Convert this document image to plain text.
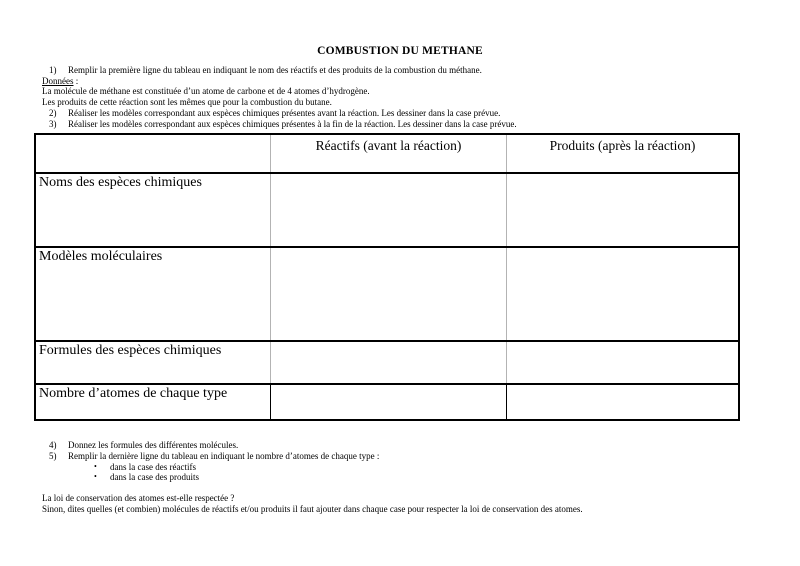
COMBUSTION DU METHANE
1) Remplir la première ligne du tableau en indiquant le nom des réactifs et des produits de la combustion du méthane.
Données :
La molécule de méthane est constituée d’un atome de carbone et de 4 atomes d’hydrogène.
Les produits de cette réaction sont les mêmes que pour la combustion du butane.
2) Réaliser les modèles correspondant aux espèces chimiques présentes avant la réaction. Les dessiner dans la case prévue.
3) Réaliser les modèles correspondant aux espèces chimiques présentes à la fin de la réaction. Les dessiner dans la case prévue.
Réactifs (avant la réaction)	Produits (après la réaction)
Noms des espèces chimiques
Modèles moléculaires
Formules des espèces chimiques
Nombre d’atomes de chaque type
4) Donnez les formules des différentes molécules.
5) Remplir la dernière ligne du tableau en indiquant le nombre d’atomes de chaque type :
• dans la case des réactifs
• dans la case des produits
La loi de conservation des atomes est-elle respectée ?
Sinon, dites quelles (et combien) molécules de réactifs et/ou produits il faut ajouter dans chaque case pour respecter la loi de conservation des atomes.
